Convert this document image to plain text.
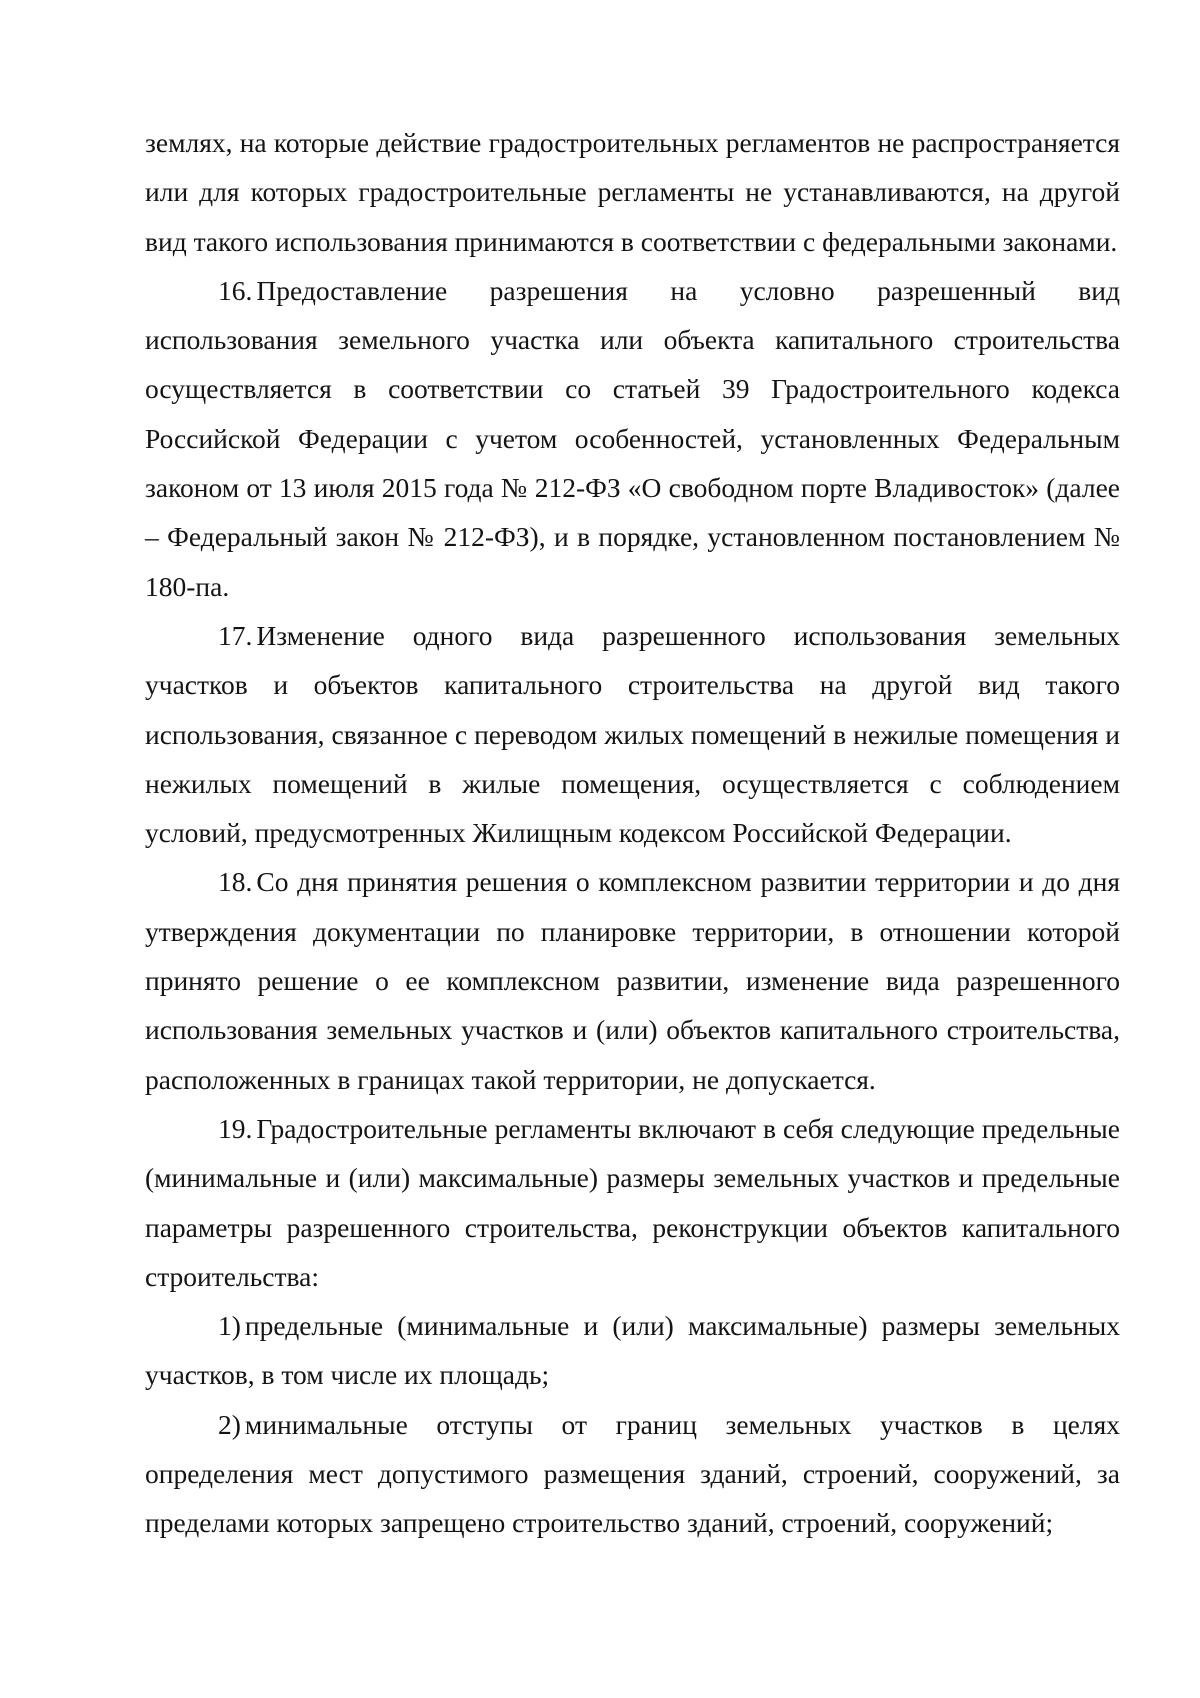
землях, на которые действие градостроительных регламентов не распространяется или для которых градостроительные регламенты не устанавливаются, на другой вид такого использования принимаются в соответствии с федеральными законами.

16. Предоставление разрешения на условно разрешенный вид использования земельного участка или объекта капитального строительства осуществляется в соответствии со статьей 39 Градостроительного кодекса Российской Федерации с учетом особенностей, установленных Федеральным законом от 13 июля 2015 года № 212-ФЗ «О свободном порте Владивосток» (далее – Федеральный закон № 212-ФЗ), и в порядке, установленном постановлением № 180-па.

17. Изменение одного вида разрешенного использования земельных участков и объектов капитального строительства на другой вид такого использования, связанное с переводом жилых помещений в нежилые помещения и нежилых помещений в жилые помещения, осуществляется с соблюдением условий, предусмотренных Жилищным кодексом Российской Федерации.

18. Со дня принятия решения о комплексном развитии территории и до дня утверждения документации по планировке территории, в отношении которой принято решение о ее комплексном развитии, изменение вида разрешенного использования земельных участков и (или) объектов капитального строительства, расположенных в границах такой территории, не допускается.

19. Градостроительные регламенты включают в себя следующие предельные (минимальные и (или) максимальные) размеры земельных участков и предельные параметры разрешенного строительства, реконструкции объектов капитального строительства:

1) предельные (минимальные и (или) максимальные) размеры земельных участков, в том числе их площадь;

2) минимальные отступы от границ земельных участков в целях определения мест допустимого размещения зданий, строений, сооружений, за пределами которых запрещено строительство зданий, строений, сооружений;
